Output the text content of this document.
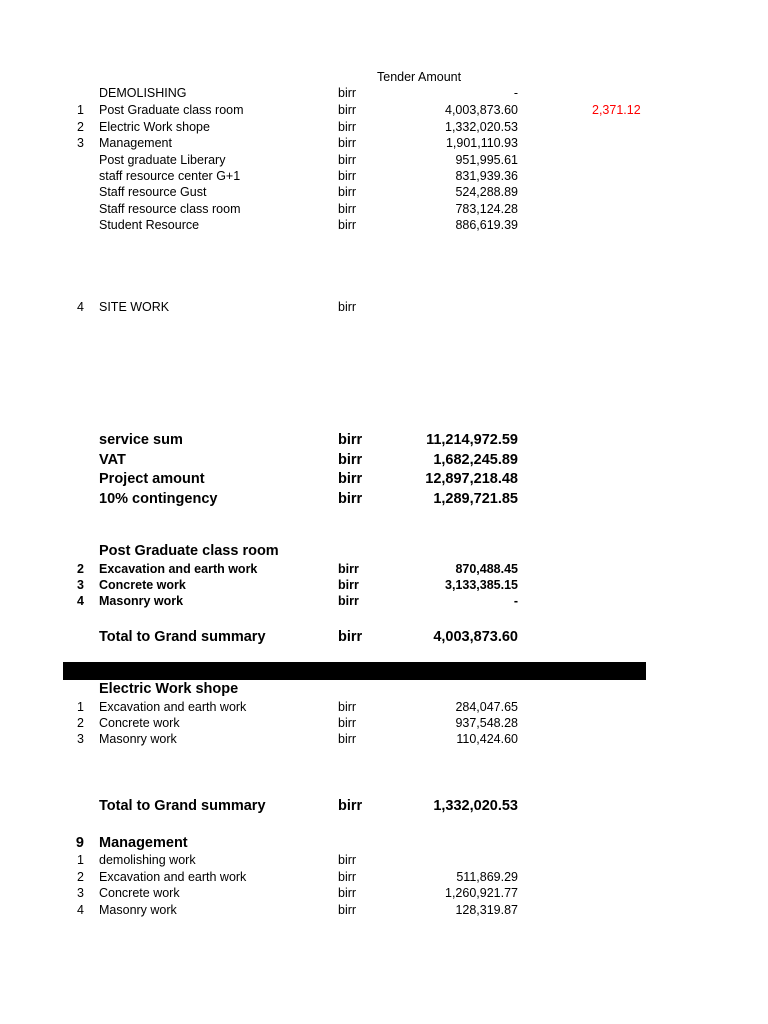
Tender Amount
DEMOLISHING	birr	-
1 Post Graduate class room	birr	4,003,873.60	2,371.12
2 Electric Work shope	birr	1,332,020.53
3 Management	birr	1,901,110.93
Post graduate Liberary	birr	951,995.61
staff resource center G+1	birr	831,939.36
Staff resource Gust	birr	524,288.89
Staff resource class room	birr	783,124.28
Student Resource	birr	886,619.39
4 SITE WORK	birr
service sum	birr	11,214,972.59
VAT	birr	1,682,245.89
Project amount	birr	12,897,218.48
10% contingency	birr	1,289,721.85
Post Graduate class room
2 Excavation and earth work	birr	870,488.45
3 Concrete work	birr	3,133,385.15
4 Masonry work	birr	-
Total to Grand summary	birr	4,003,873.60
Electric Work shope
1 Excavation and earth work	birr	284,047.65
2 Concrete work	birr	937,548.28
3 Masonry work	birr	110,424.60
Total to Grand summary	birr	1,332,020.53
9 Management
1 demolishing work	birr
2 Excavation and earth work	birr	511,869.29
3 Concrete work	birr	1,260,921.77
4 Masonry work	birr	128,319.87
